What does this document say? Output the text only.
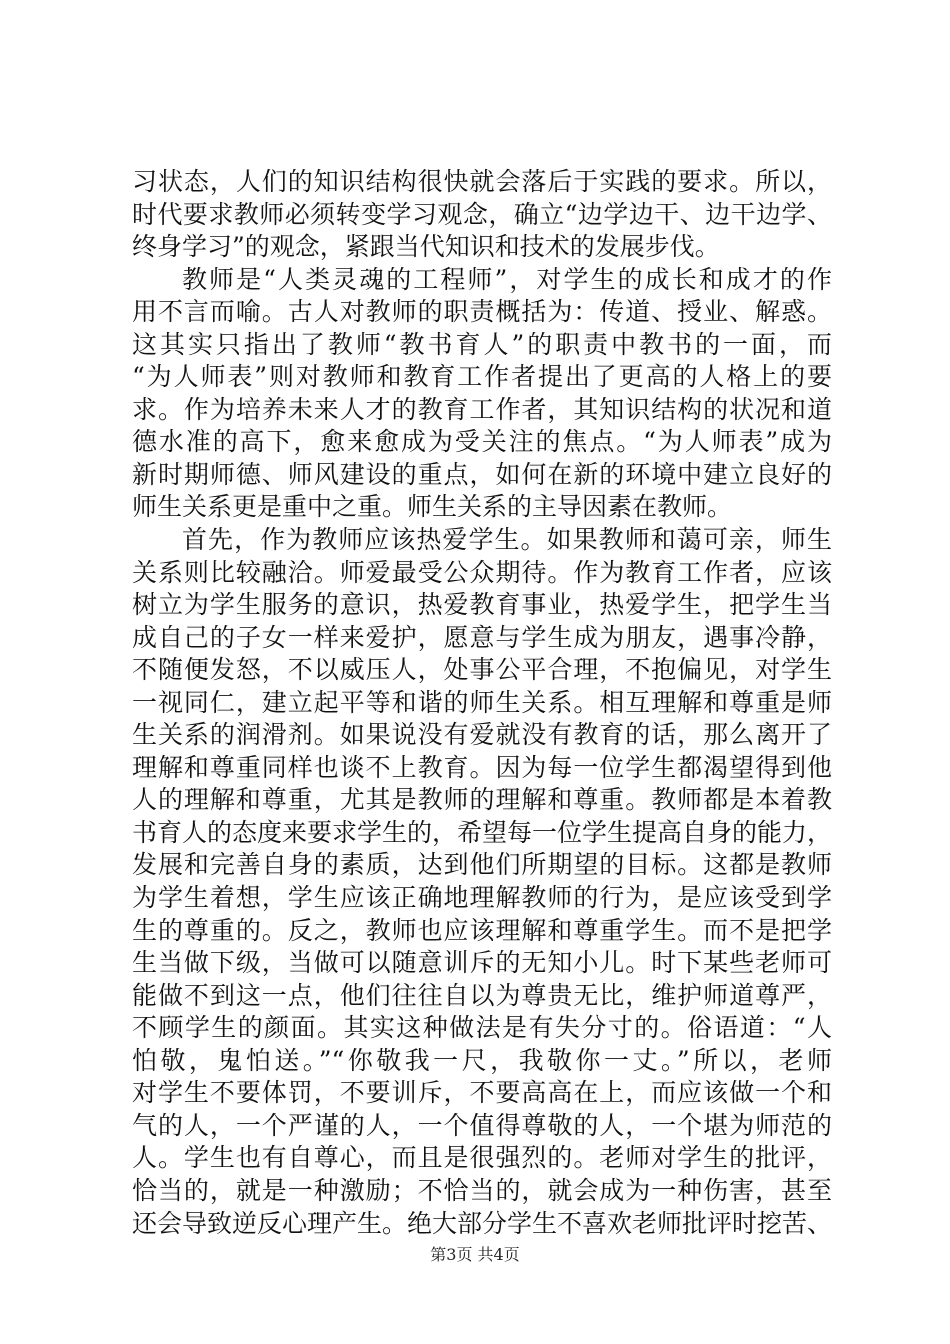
习状态，人们的知识结构很快就会落后于实践的要求。所以，
时代要求教师必须转变学习观念，确立“边学边干、边干边学、
终身学习”的观念，紧跟当代知识和技术的发展步伐。
教师是“人类灵魂的工程师”，对学生的成长和成才的作
用不言而喻。古人对教师的职责概括为：传道、授业、解惑。
这其实只指出了教师“教书育人”的职责中教书的一面，而
“为人师表”则对教师和教育工作者提出了更高的人格上的要
求。作为培养未来人才的教育工作者，其知识结构的状况和道
德水准的高下，愈来愈成为受关注的焦点。“为人师表”成为
新时期师德、师风建设的重点，如何在新的环境中建立良好的
师生关系更是重中之重。师生关系的主导因素在教师。
首先，作为教师应该热爱学生。如果教师和蔼可亲，师生
关系则比较融洽。师爱最受公众期待。作为教育工作者，应该
树立为学生服务的意识，热爱教育事业，热爱学生，把学生当
成自己的子女一样来爱护，愿意与学生成为朋友，遇事冷静，
不随便发怒，不以威压人，处事公平合理，不抱偏见，对学生
一视同仁，建立起平等和谐的师生关系。相互理解和尊重是师
生关系的润滑剂。如果说没有爱就没有教育的话，那么离开了
理解和尊重同样也谈不上教育。因为每一位学生都渴望得到他
人的理解和尊重，尤其是教师的理解和尊重。教师都是本着教
书育人的态度来要求学生的，希望每一位学生提高自身的能力，
发展和完善自身的素质，达到他们所期望的目标。这都是教师
为学生着想，学生应该正确地理解教师的行为，是应该受到学
生的尊重的。反之，教师也应该理解和尊重学生。而不是把学
生当做下级，当做可以随意训斥的无知小儿。时下某些老师可
能做不到这一点，他们往往自以为尊贵无比，维护师道尊严，
不顾学生的颜面。其实这种做法是有失分寸的。俗语道：“人
怕敬，鬼怕送。”“你敬我一尺，我敬你一丈。”所以，老师
对学生不要体罚，不要训斥，不要高高在上，而应该做一个和
气的人，一个严谨的人，一个值得尊敬的人，一个堪为师范的
人。学生也有自尊心，而且是很强烈的。老师对学生的批评，
恰当的，就是一种激励；不恰当的，就会成为一种伤害，甚至
还会导致逆反心理产生。绝大部分学生不喜欢老师批评时挖苦、
第3页 共4页
